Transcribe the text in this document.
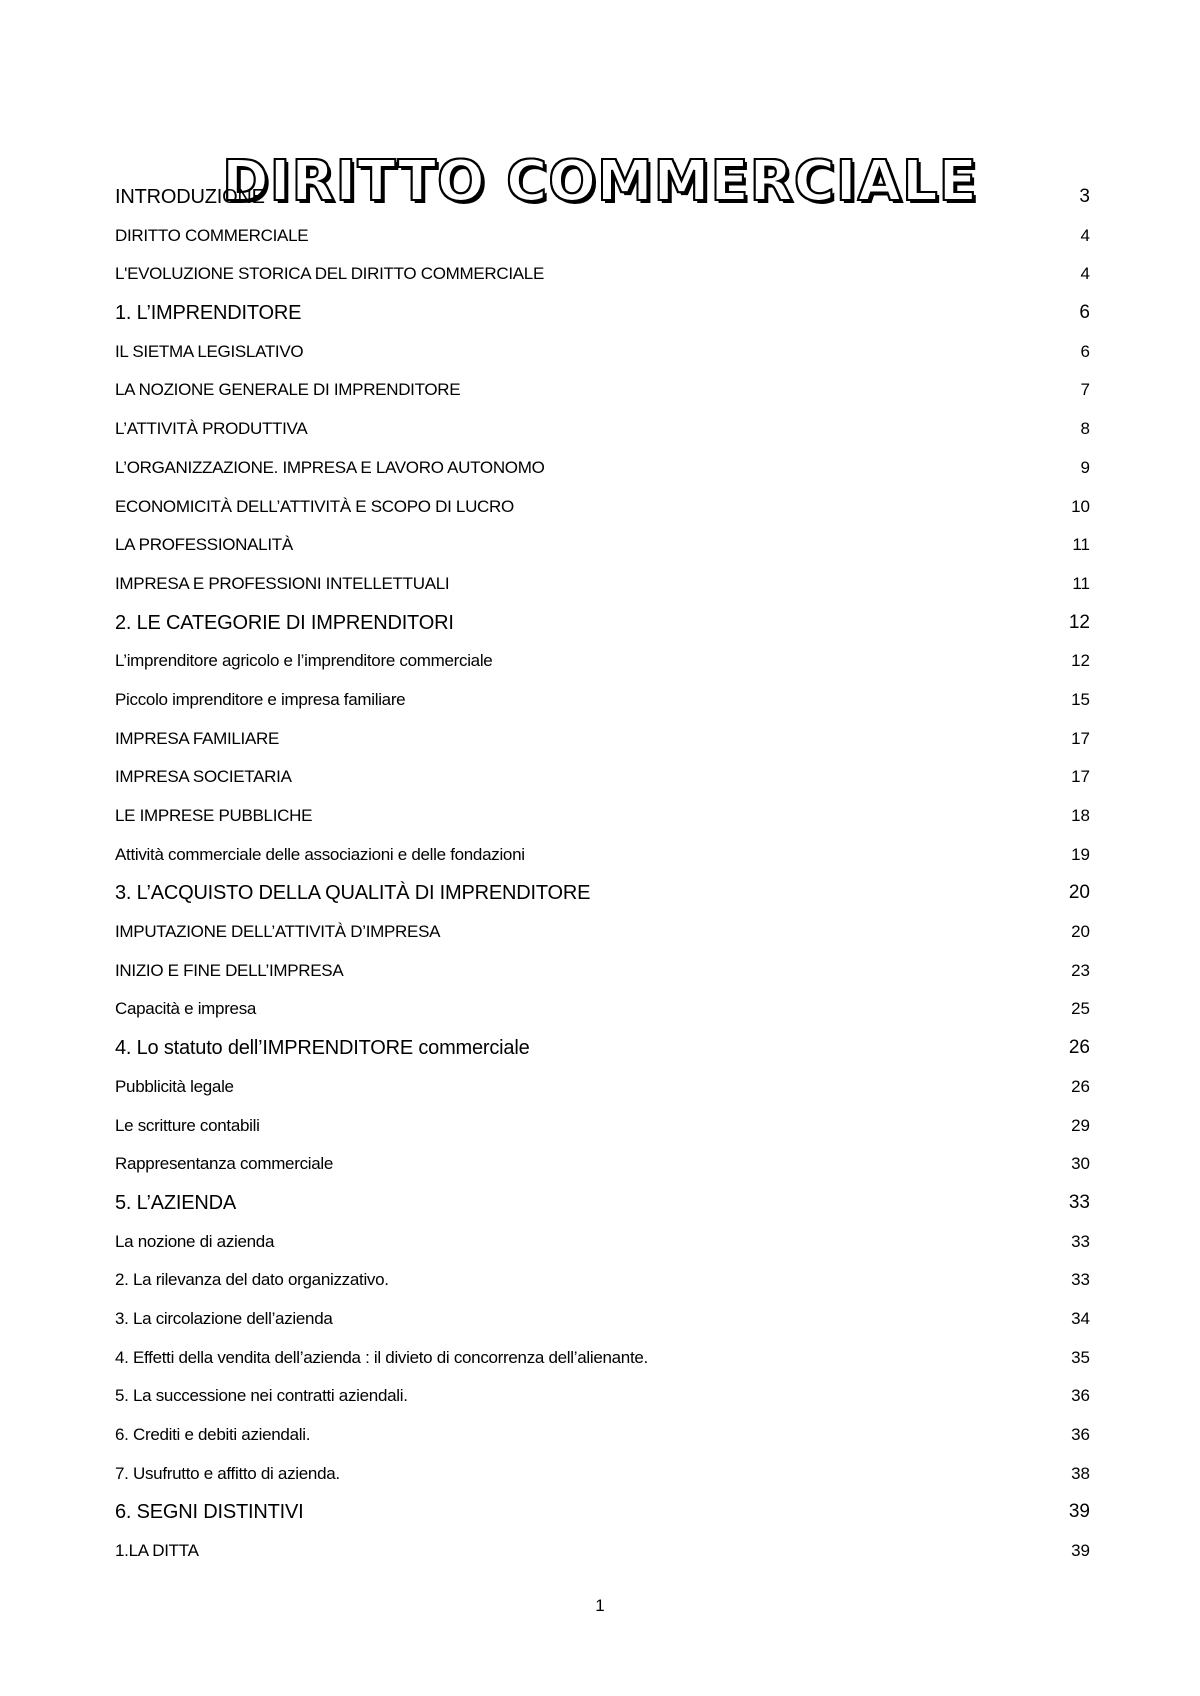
DIRITTO COMMERCIALE
INTRODUZIONE	3
DIRITTO COMMERCIALE	4
L'EVOLUZIONE STORICA DEL DIRITTO COMMERCIALE	4
1. L’IMPRENDITORE	6
IL SIETMA LEGISLATIVO	6
LA NOZIONE GENERALE DI IMPRENDITORE	7
L’ATTIVITÀ PRODUTTIVA	8
L’ORGANIZZAZIONE. IMPRESA E LAVORO AUTONOMO	9
ECONOMICITÀ DELL’ATTIVITÀ E SCOPO DI LUCRO	10
LA PROFESSIONALITÀ	11
IMPRESA E PROFESSIONI INTELLETTUALI	11
2. LE CATEGORIE DI IMPRENDITORI	12
L’imprenditore agricolo e l’imprenditore commerciale	12
Piccolo imprenditore e impresa familiare	15
IMPRESA FAMILIARE	17
IMPRESA SOCIETARIA	17
LE IMPRESE PUBBLICHE	18
Attività commerciale delle associazioni e delle fondazioni	19
3. L’ACQUISTO DELLA QUALITÀ DI IMPRENDITORE	20
IMPUTAZIONE DELL’ATTIVITÀ D’IMPRESA	20
INIZIO E FINE DELL’IMPRESA	23
Capacità e impresa	25
4. Lo statuto dell’IMPRENDITORE commerciale	26
Pubblicità legale	26
Le scritture contabili	29
Rappresentanza commerciale	30
5. L’AZIENDA	33
La nozione di azienda	33
2. La rilevanza del dato organizzativo.	33
3. La circolazione dell’azienda	34
4. Effetti della vendita dell’azienda : il divieto di concorrenza dell’alienante.	35
5. La successione nei contratti aziendali.	36
6. Crediti e debiti aziendali.	36
7. Usufrutto e affitto di azienda.	38
6. SEGNI DISTINTIVI	39
1.LA DITTA	39
1
